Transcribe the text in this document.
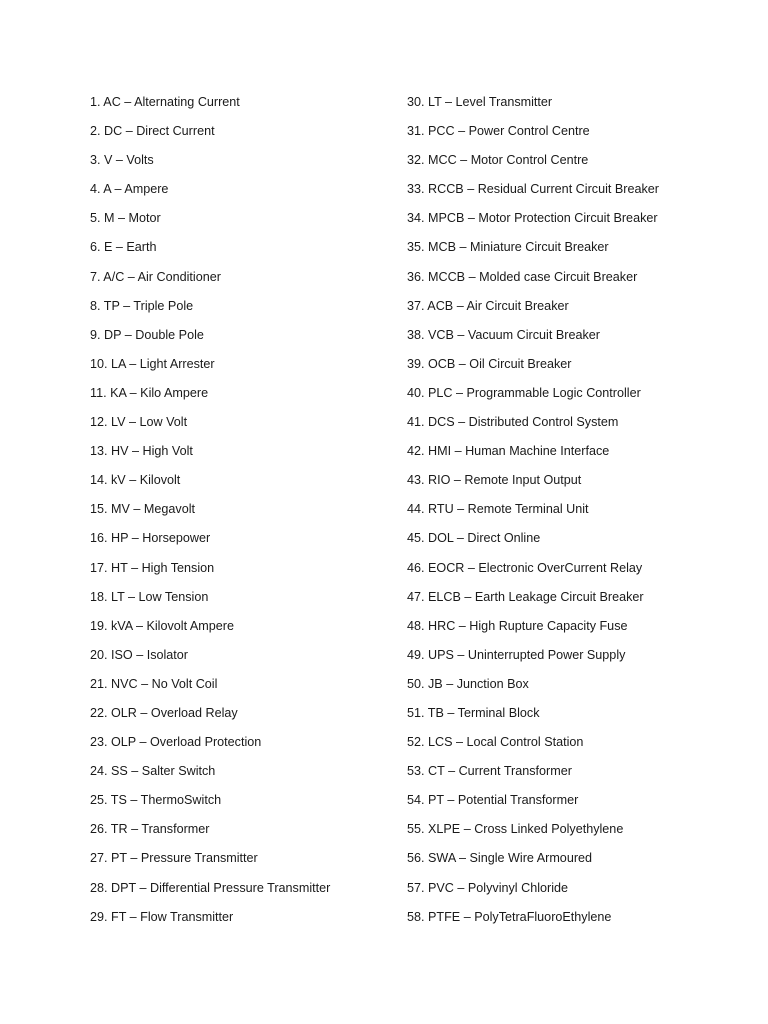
1. AC – Alternating Current
2. DC – Direct Current
3. V – Volts
4. A – Ampere
5. M – Motor
6. E – Earth
7. A/C – Air Conditioner
8. TP – Triple Pole
9. DP – Double Pole
10. LA – Light Arrester
11. KA – Kilo Ampere
12. LV – Low Volt
13. HV – High Volt
14. kV – Kilovolt
15. MV – Megavolt
16. HP – Horsepower
17. HT – High Tension
18. LT – Low Tension
19. kVA – Kilovolt Ampere
20. ISO – Isolator
21. NVC – No Volt Coil
22. OLR – Overload Relay
23. OLP – Overload Protection
24. SS – Salter Switch
25. TS – ThermoSwitch
26. TR – Transformer
27. PT – Pressure Transmitter
28. DPT – Differential Pressure Transmitter
29. FT – Flow Transmitter
30. LT – Level Transmitter
31. PCC – Power Control Centre
32. MCC – Motor Control Centre
33. RCCB – Residual Current Circuit Breaker
34. MPCB – Motor Protection Circuit Breaker
35. MCB – Miniature Circuit Breaker
36. MCCB – Molded case Circuit Breaker
37. ACB – Air Circuit Breaker
38. VCB – Vacuum Circuit Breaker
39. OCB – Oil Circuit Breaker
40. PLC – Programmable Logic Controller
41. DCS – Distributed Control System
42. HMI – Human Machine Interface
43. RIO – Remote Input Output
44. RTU – Remote Terminal Unit
45. DOL – Direct Online
46. EOCR – Electronic OverCurrent Relay
47. ELCB – Earth Leakage Circuit Breaker
48. HRC – High Rupture Capacity Fuse
49. UPS – Uninterrupted Power Supply
50. JB – Junction Box
51. TB – Terminal Block
52. LCS – Local Control Station
53. CT – Current Transformer
54. PT – Potential Transformer
55. XLPE – Cross Linked Polyethylene
56. SWA – Single Wire Armoured
57. PVC – Polyvinyl Chloride
58. PTFE – PolyTetraFluoroEthylene
